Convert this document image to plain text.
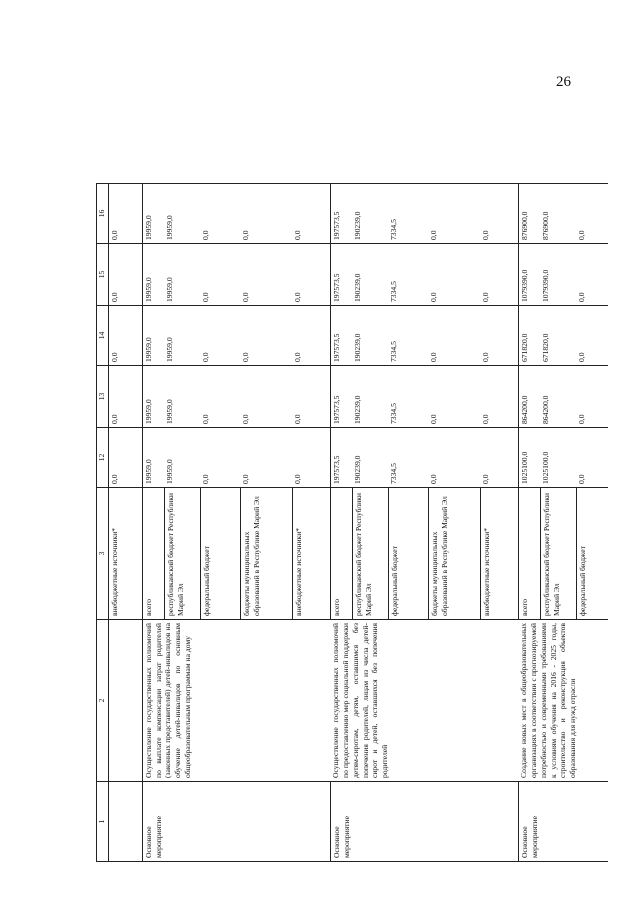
26
1	2	3	12	13	14	15	16
		внебюджетные источники*	0,0	0,0	0,0	0,0	0,0
Основное мероприятие	Осуществление государственных полномочий по выплате компенсации затрат родителей (законных представителей) детей-инвалидов на обучение детей-инвалидов по основным общеобразовательным программам на дому	всего	19959,0	19959,0	19959,0	19959,0	19959,0
		республиканский бюджет Республики Марий Эл	19959,0	19959,0	19959,0	19959,0	19959,0
		федеральный бюджет	0,0	0,0	0,0	0,0	0,0
		бюджеты муниципальных образований в Республике Марий Эл	0,0	0,0	0,0	0,0	0,0
		внебюджетные источники*	0,0	0,0	0,0	0,0	0,0
Основное мероприятие	Осуществление государственных полномочий по предоставлению мер социальной поддержки детям-сиротам, детям, оставшимся без попечения родителей, лицам из числа детей-сирот и детей, оставшихся без попечения родителей	всего	197573,5	197573,5	197573,5	197573,5	197573,5
		республиканский бюджет Республики Марий Эл	190239,0	190239,0	190239,0	190239,0	190239,0
		федеральный бюджет	7334,5	7334,5	7334,5	7334,5	7334,5
		бюджеты муниципальных образований в Республике Марий Эл	0,0	0,0	0,0	0,0	0,0
		внебюджетные источники*	0,0	0,0	0,0	0,0	0,0
Основное мероприятие	Создание новых мест в общеобразовательных организациях в соответствии с прогнозируемой потребностью и современными требованиями к условиям обучения на 2016 - 2025 годы, строительство и реконструкция объектов образования для нужд отрасли	всего	1025100,0	864200,0	671820,0	1079390,0	876900,0
		республиканский бюджет Республики Марий Эл	1025100,0	864200,0	671820,0	1079390,0	876900,0
		федеральный бюджет	0,0	0,0	0,0	0,0	0,0
